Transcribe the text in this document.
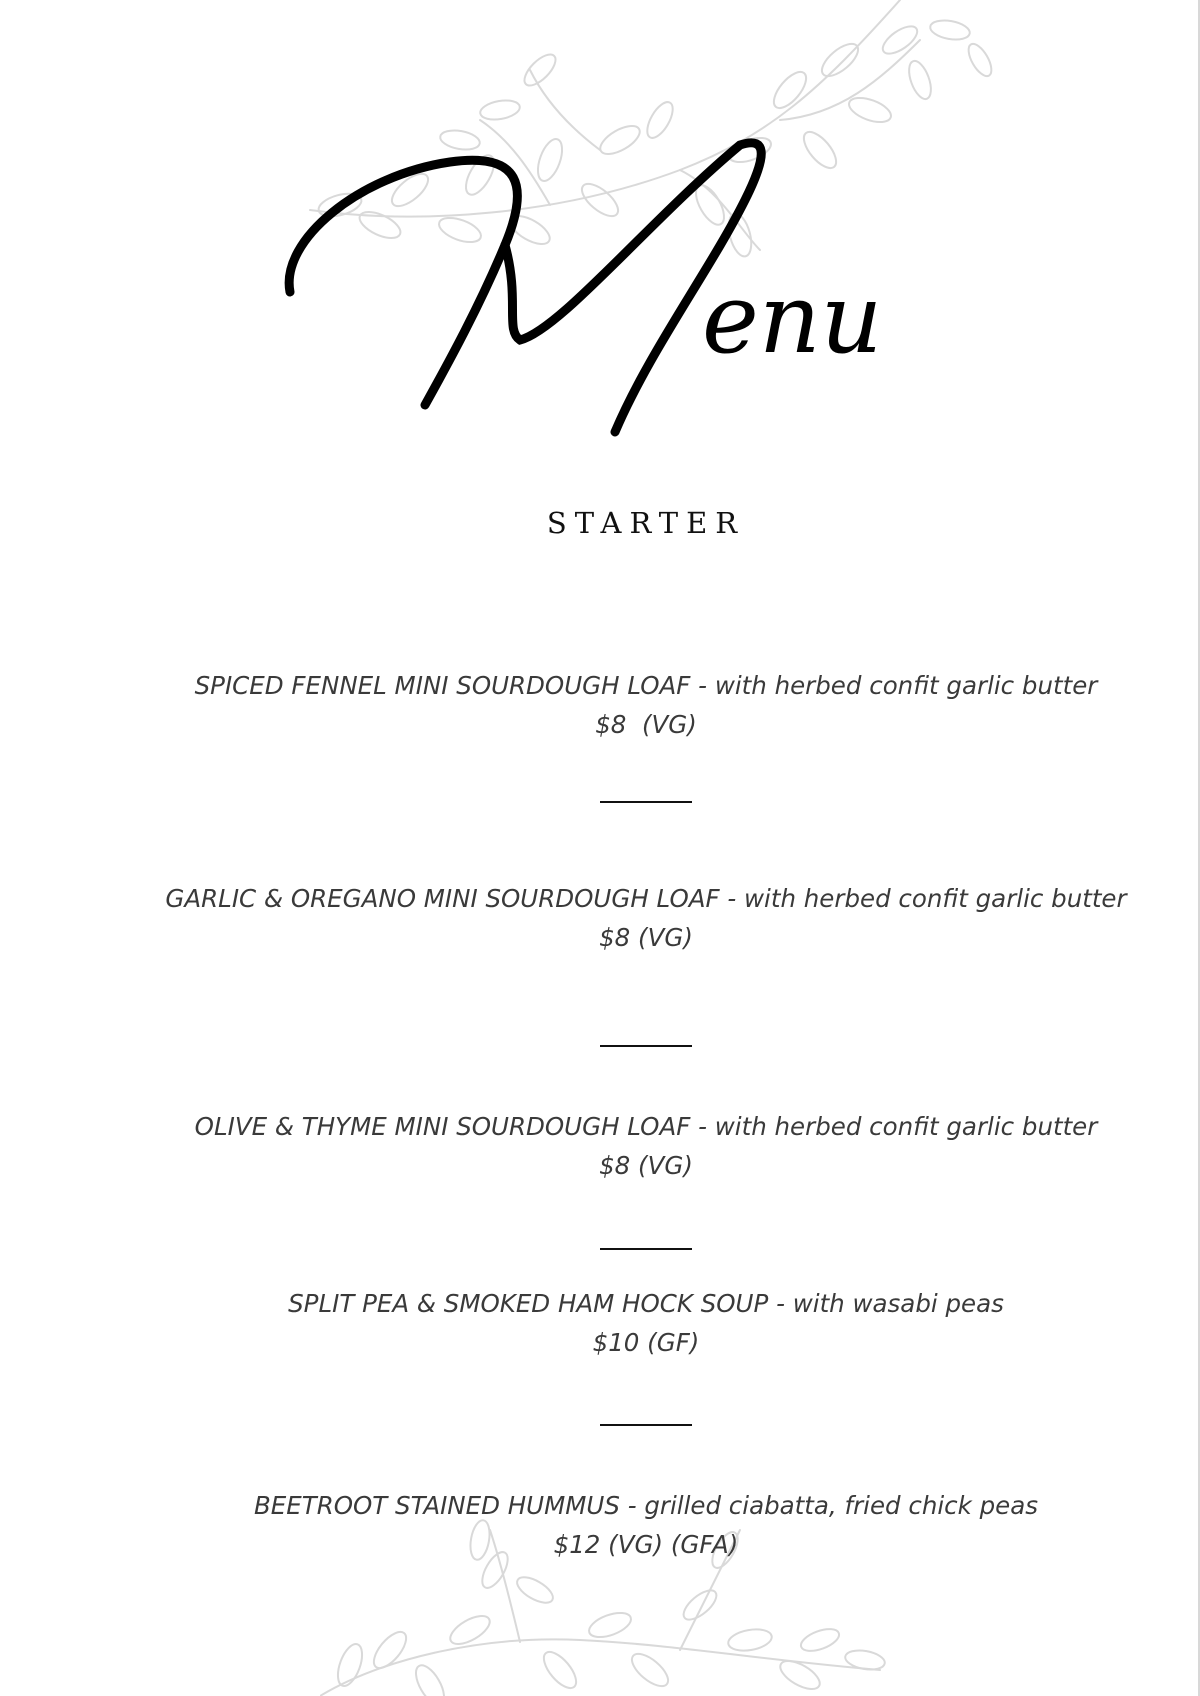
enu
STARTER
SPICED FENNEL MINI SOURDOUGH LOAF - with herbed confit garlic butter
$8  (VG)
GARLIC & OREGANO MINI SOURDOUGH LOAF - with herbed confit garlic butter
$8 (VG)
OLIVE & THYME MINI SOURDOUGH LOAF - with herbed confit garlic butter
$8 (VG)
SPLIT PEA & SMOKED HAM HOCK SOUP - with wasabi peas
$10 (GF)
BEETROOT STAINED HUMMUS - grilled ciabatta, fried chick peas
$12 (VG) (GFA)
